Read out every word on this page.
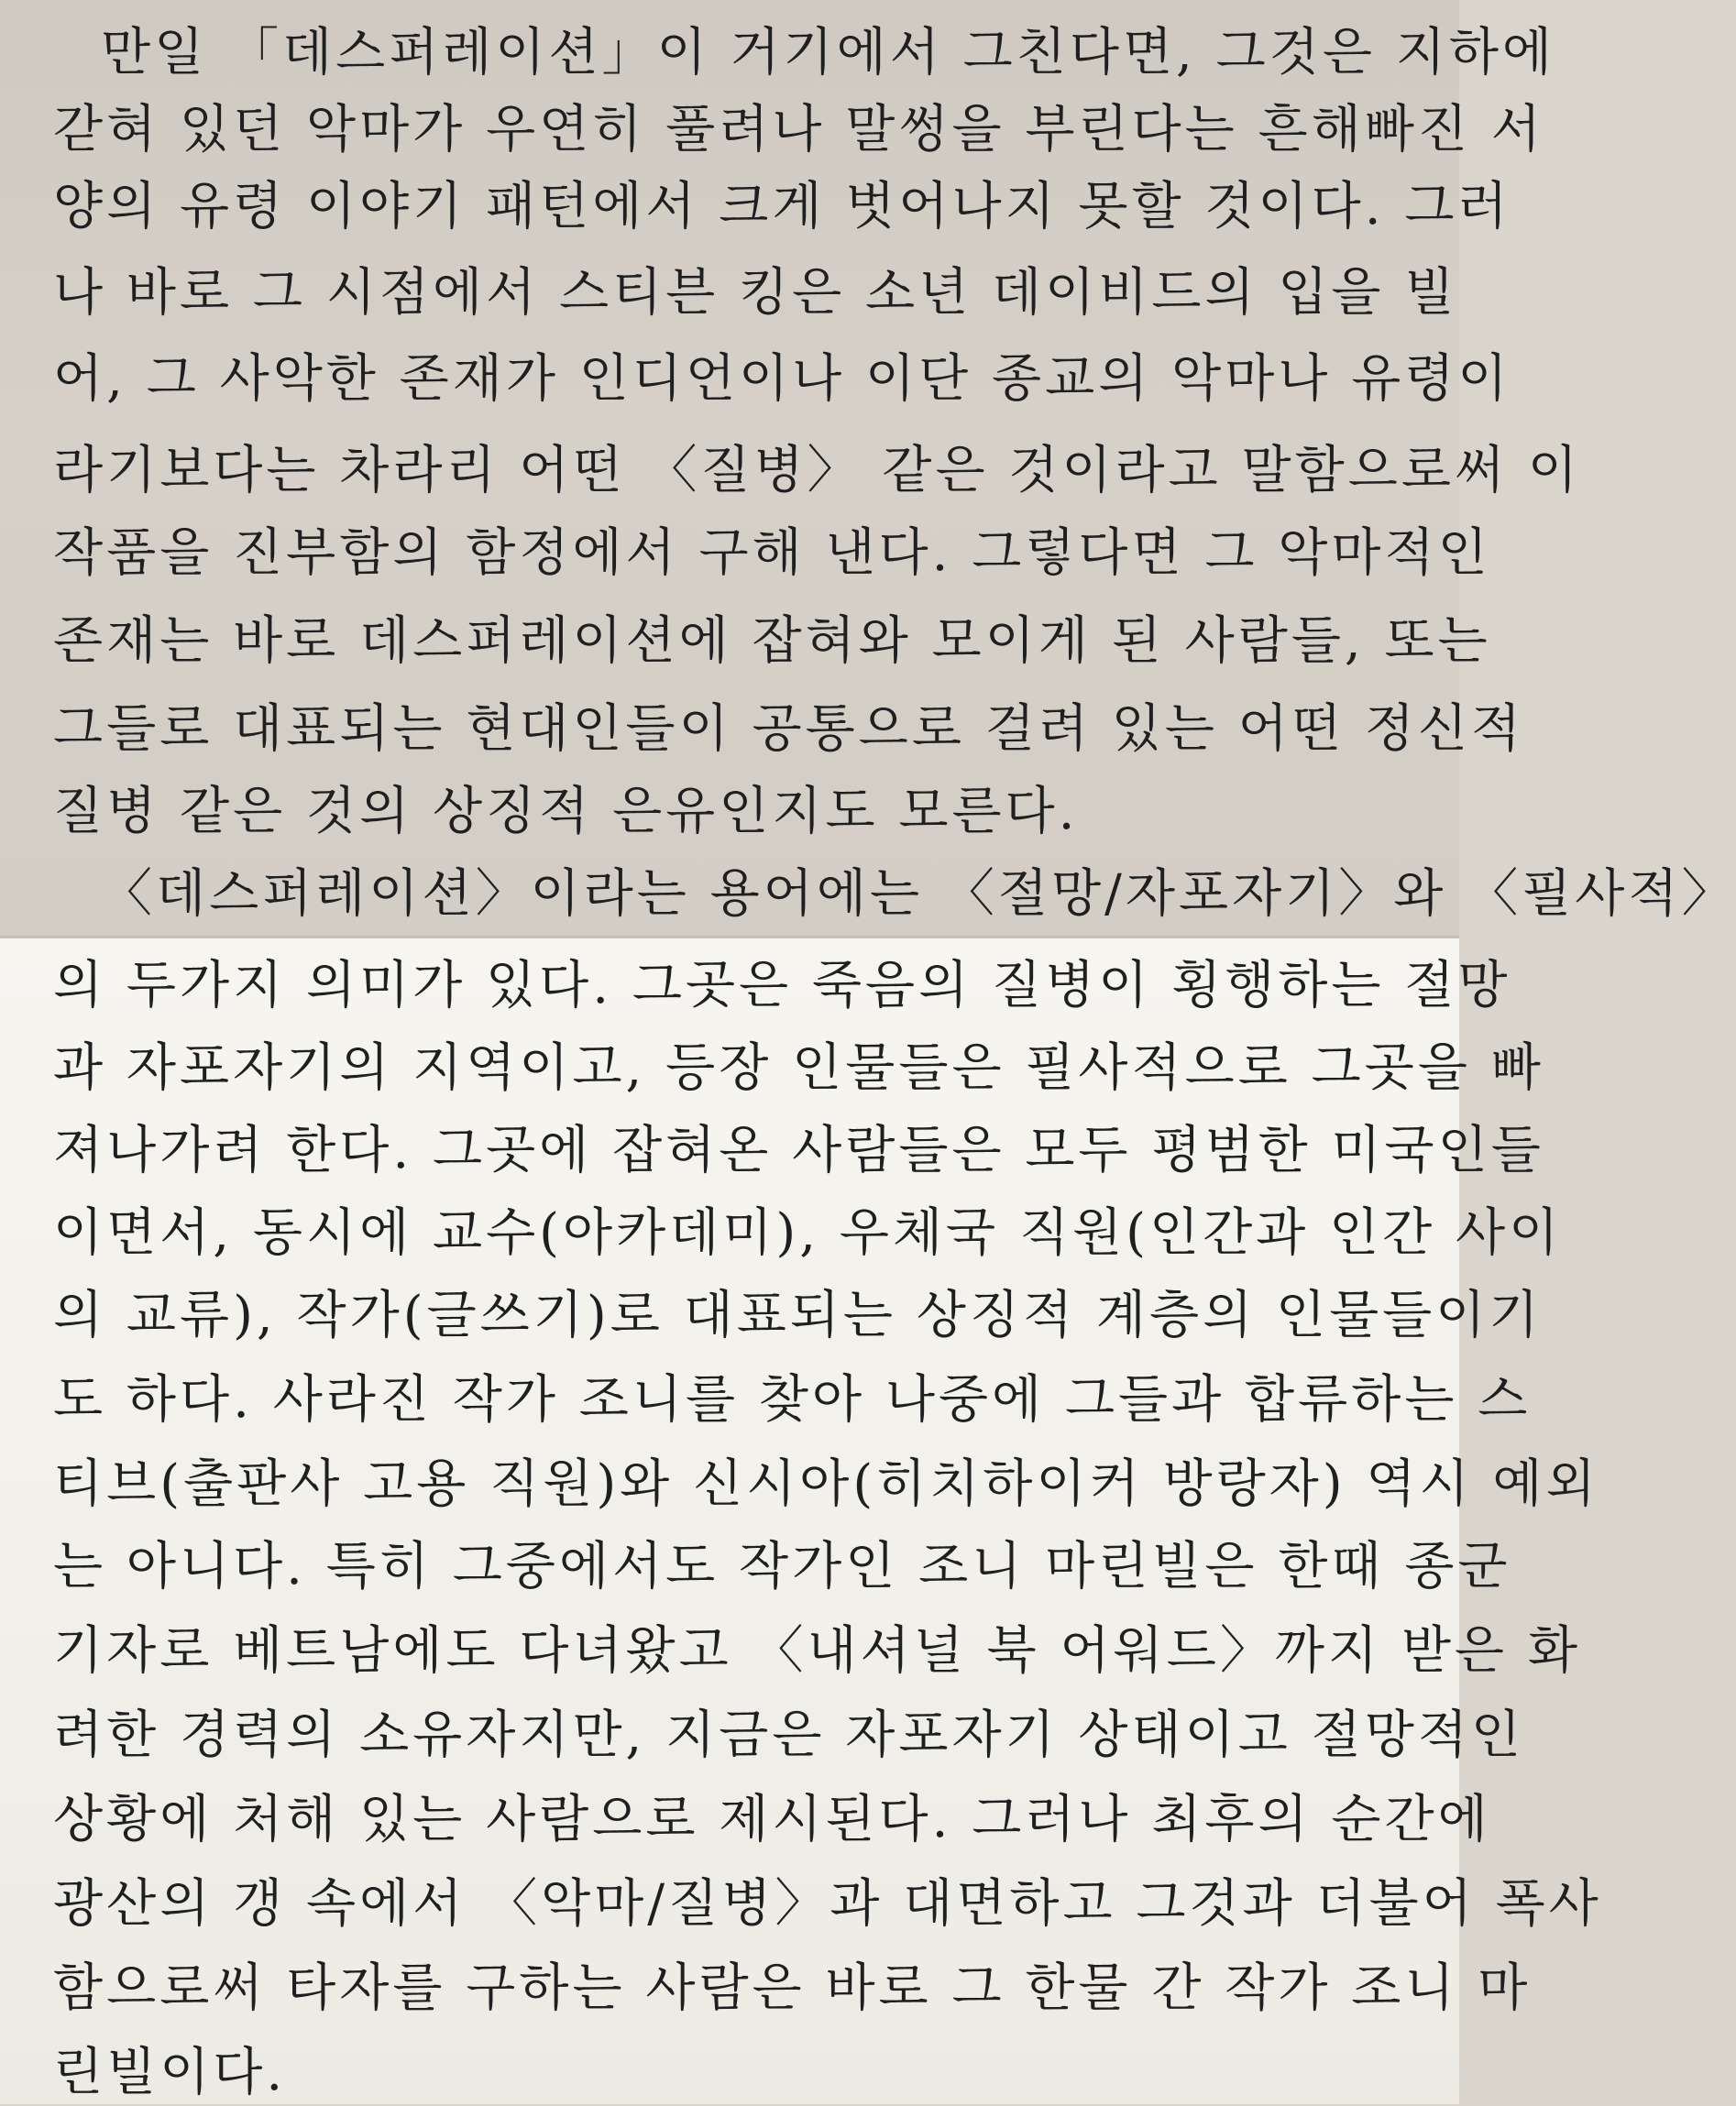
만일 「데스퍼레이션」이 거기에서 그친다면, 그것은 지하에
갇혀 있던 악마가 우연히 풀려나 말썽을 부린다는 흔해빠진 서
양의 유령 이야기 패턴에서 크게 벗어나지 못할 것이다. 그러
나 바로 그 시점에서 스티븐 킹은 소년 데이비드의 입을 빌
어, 그 사악한 존재가 인디언이나 이단 종교의 악마나 유령이
라기보다는 차라리 어떤 〈질병〉 같은 것이라고 말함으로써 이
작품을 진부함의 함정에서 구해 낸다. 그렇다면 그 악마적인
존재는 바로 데스퍼레이션에 잡혀와 모이게 된 사람들, 또는
그들로 대표되는 현대인들이 공통으로 걸려 있는 어떤 정신적
질병 같은 것의 상징적 은유인지도 모른다.
〈데스퍼레이션〉이라는 용어에는 〈절망/자포자기〉와 〈필사적〉
의 두가지 의미가 있다. 그곳은 죽음의 질병이 횡행하는 절망
과 자포자기의 지역이고, 등장 인물들은 필사적으로 그곳을 빠
져나가려 한다. 그곳에 잡혀온 사람들은 모두 평범한 미국인들
이면서, 동시에 교수(아카데미), 우체국 직원(인간과 인간 사이
의 교류), 작가(글쓰기)로 대표되는 상징적 계층의 인물들이기
도 하다. 사라진 작가 조니를 찾아 나중에 그들과 합류하는 스
티브(출판사 고용 직원)와 신시아(히치하이커 방랑자) 역시 예외
는 아니다. 특히 그중에서도 작가인 조니 마린빌은 한때 종군
기자로 베트남에도 다녀왔고 〈내셔널 북 어워드〉까지 받은 화
려한 경력의 소유자지만, 지금은 자포자기 상태이고 절망적인
상황에 처해 있는 사람으로 제시된다. 그러나 최후의 순간에
광산의 갱 속에서 〈악마/질병〉과 대면하고 그것과 더불어 폭사
함으로써 타자를 구하는 사람은 바로 그 한물 간 작가 조니 마
린빌이다.
